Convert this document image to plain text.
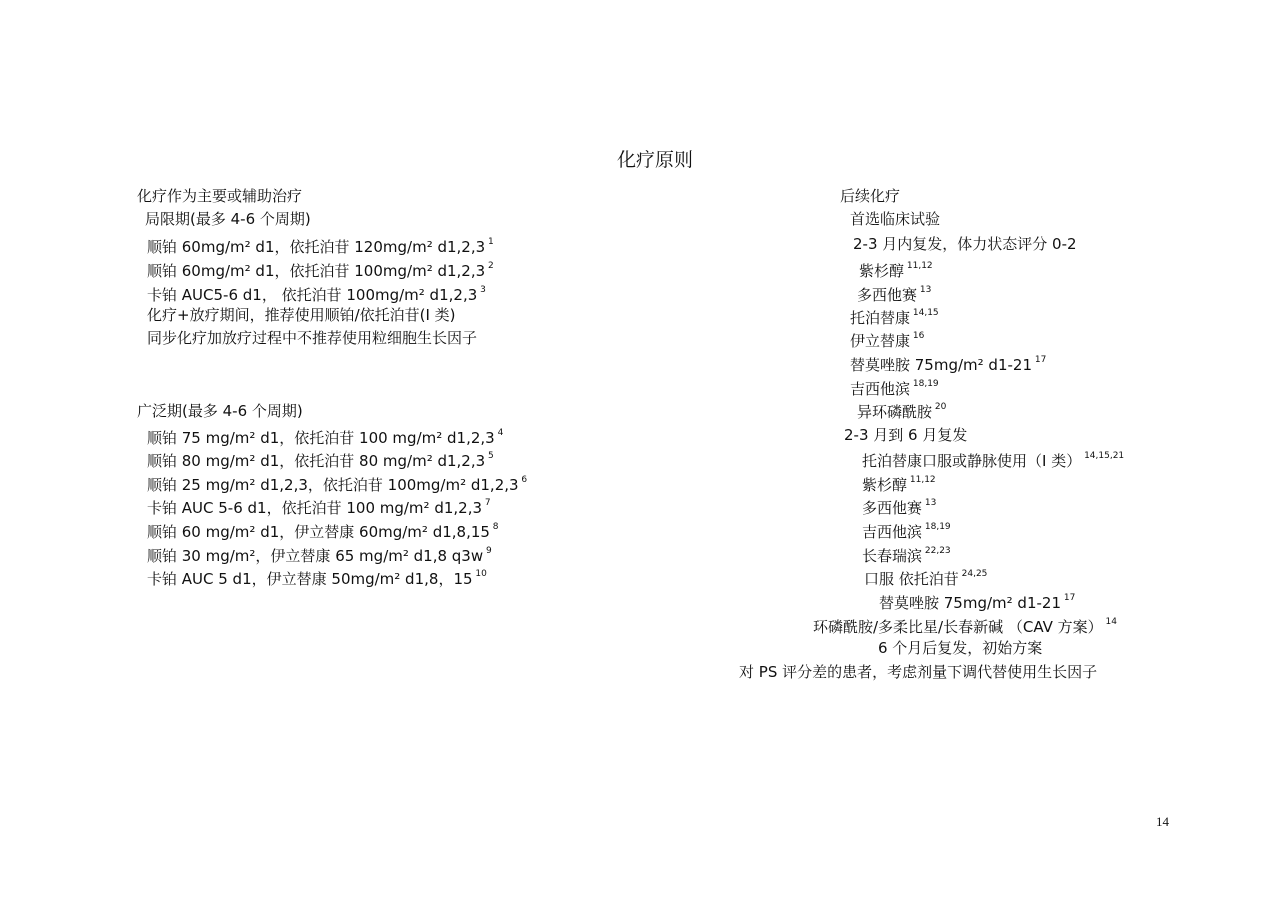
化疗原则
化疗作为主要或辅助治疗
局限期(最多 4-6 个周期)
顺铂 60mg/m² d1，依托泊苷 120mg/m² d1,2,3 $^1$
顺铂 60mg/m² d1，依托泊苷 100mg/m² d1,2,3 $^2$
卡铂 AUC5-6 d1， 依托泊苷 100mg/m² d1,2,3 $^3$
化疗+放疗期间，推荐使用顺铂/依托泊苷(I 类)
同步化疗加放疗过程中不推荐使用粒细胞生长因子
广泛期(最多 4-6 个周期)
顺铂 75 mg/m² d1，依托泊苷 100 mg/m² d1,2,3 $^4$
顺铂 80 mg/m² d1，依托泊苷 80 mg/m² d1,2,3 $^5$
顺铂 25 mg/m² d1,2,3，依托泊苷 100mg/m² d1,2,3 $^6$
卡铂 AUC 5-6 d1，依托泊苷 100 mg/m² d1,2,3 $^7$
顺铂 60 mg/m² d1，伊立替康 60mg/m² d1,8,15 $^8$
顺铂 30 mg/m²，伊立替康 65 mg/m² d1,8 q3w $^9$
卡铂 AUC 5 d1，伊立替康 50mg/m² d1,8，15 $^{10}$
后续化疗
首选临床试验
2-3 月内复发，体力状态评分 0-2
紫杉醇 $^{11,12}$
多西他赛 $^{13}$
托泊替康 $^{14,15}$
伊立替康 $^{16}$
替莫唑胺 75mg/m² d1-21 $^{17}$
吉西他滨 $^{18,19}$
异环磷酰胺 $^{20}$
2-3 月到 6 月复发
托泊替康口服或静脉使用（I 类） $^{14,15,21}$
紫杉醇 $^{11,12}$
多西他赛 $^{13}$
吉西他滨 $^{18,19}$
长春瑞滨 $^{22,23}$
口服 依托泊苷 $^{24,25}$
替莫唑胺 75mg/m² d1-21 $^{17}$
环磷酰胺/多柔比星/长春新碱 （CAV 方案） $^{14}$
6 个月后复发，初始方案
对 PS 评分差的患者，考虑剂量下调代替使用生长因子
14
